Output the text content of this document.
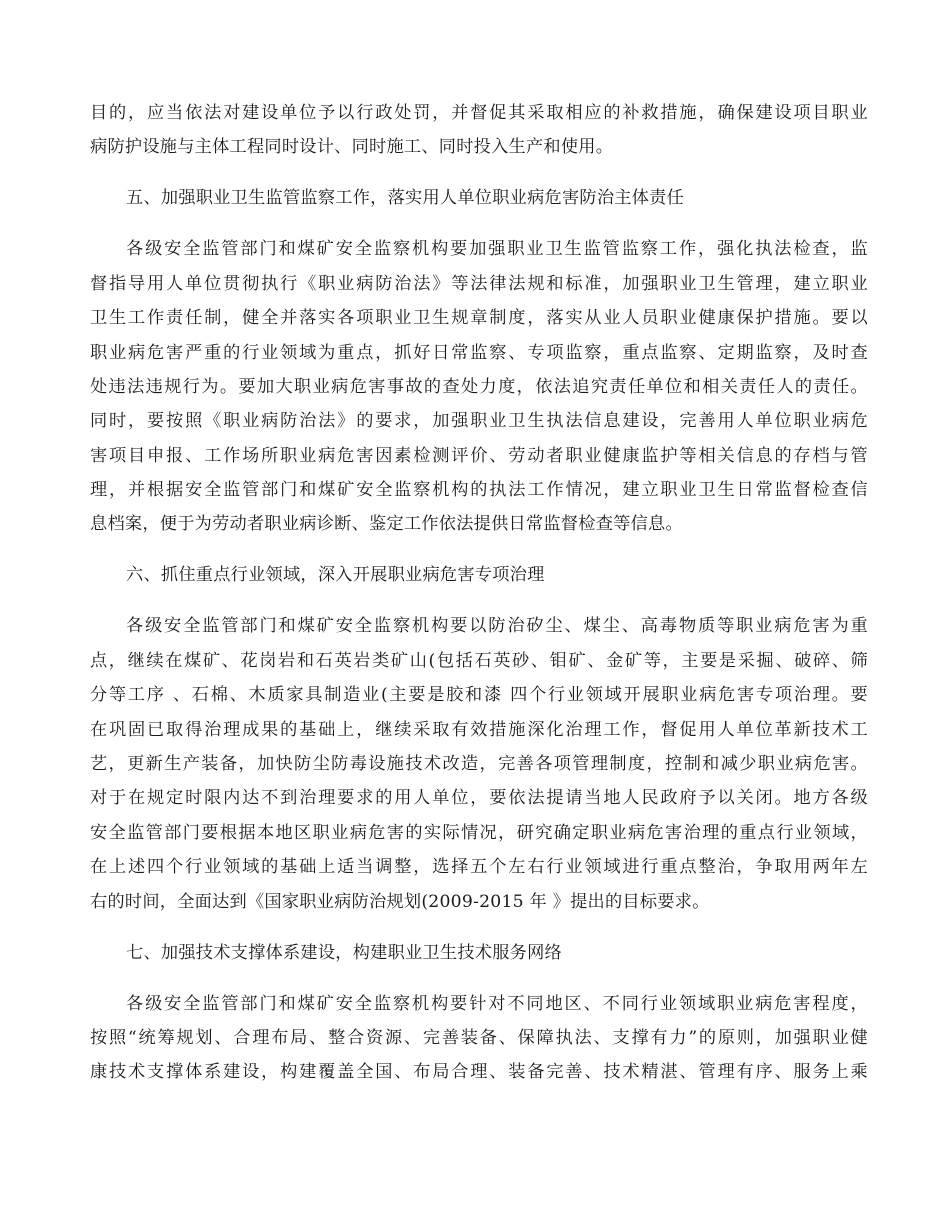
目的，应当依法对建设单位予以行政处罚，并督促其采取相应的补救措施，确保建设项目职业
病防护设施与主体工程同时设计、同时施工、同时投入生产和使用。
五、加强职业卫生监管监察工作，落实用人单位职业病危害防治主体责任
各级安全监管部门和煤矿安全监察机构要加强职业卫生监管监察工作，强化执法检查，监
督指导用人单位贯彻执行《职业病防治法》等法律法规和标准，加强职业卫生管理，建立职业
卫生工作责任制，健全并落实各项职业卫生规章制度，落实从业人员职业健康保护措施。要以
职业病危害严重的行业领域为重点，抓好日常监察、专项监察，重点监察、定期监察，及时查
处违法违规行为。要加大职业病危害事故的查处力度，依法追究责任单位和相关责任人的责任。
同时，要按照《职业病防治法》的要求，加强职业卫生执法信息建设，完善用人单位职业病危
害项目申报、工作场所职业病危害因素检测评价、劳动者职业健康监护等相关信息的存档与管
理，并根据安全监管部门和煤矿安全监察机构的执法工作情况，建立职业卫生日常监督检查信
息档案，便于为劳动者职业病诊断、鉴定工作依法提供日常监督检查等信息。
六、抓住重点行业领域，深入开展职业病危害专项治理
各级安全监管部门和煤矿安全监察机构要以防治矽尘、煤尘、高毒物质等职业病危害为重
点，继续在煤矿、花岗岩和石英岩类矿山(包括石英砂、钼矿、金矿等，主要是采掘、破碎、筛
分等工序 、石棉、木质家具制造业(主要是胶和漆 四个行业领域开展职业病危害专项治理。要
在巩固已取得治理成果的基础上，继续采取有效措施深化治理工作，督促用人单位革新技术工
艺，更新生产装备，加快防尘防毒设施技术改造，完善各项管理制度，控制和减少职业病危害。
对于在规定时限内达不到治理要求的用人单位，要依法提请当地人民政府予以关闭。地方各级
安全监管部门要根据本地区职业病危害的实际情况，研究确定职业病危害治理的重点行业领域，
在上述四个行业领域的基础上适当调整，选择五个左右行业领域进行重点整治，争取用两年左
右的时间，全面达到《国家职业病防治规划(2009-2015 年 》提出的目标要求。
七、加强技术支撑体系建设，构建职业卫生技术服务网络
各级安全监管部门和煤矿安全监察机构要针对不同地区、不同行业领域职业病危害程度，
按照“统筹规划、合理布局、整合资源、完善装备、保障执法、支撑有力”的原则，加强职业健
康技术支撑体系建设，构建覆盖全国、布局合理、装备完善、技术精湛、管理有序、服务上乘
